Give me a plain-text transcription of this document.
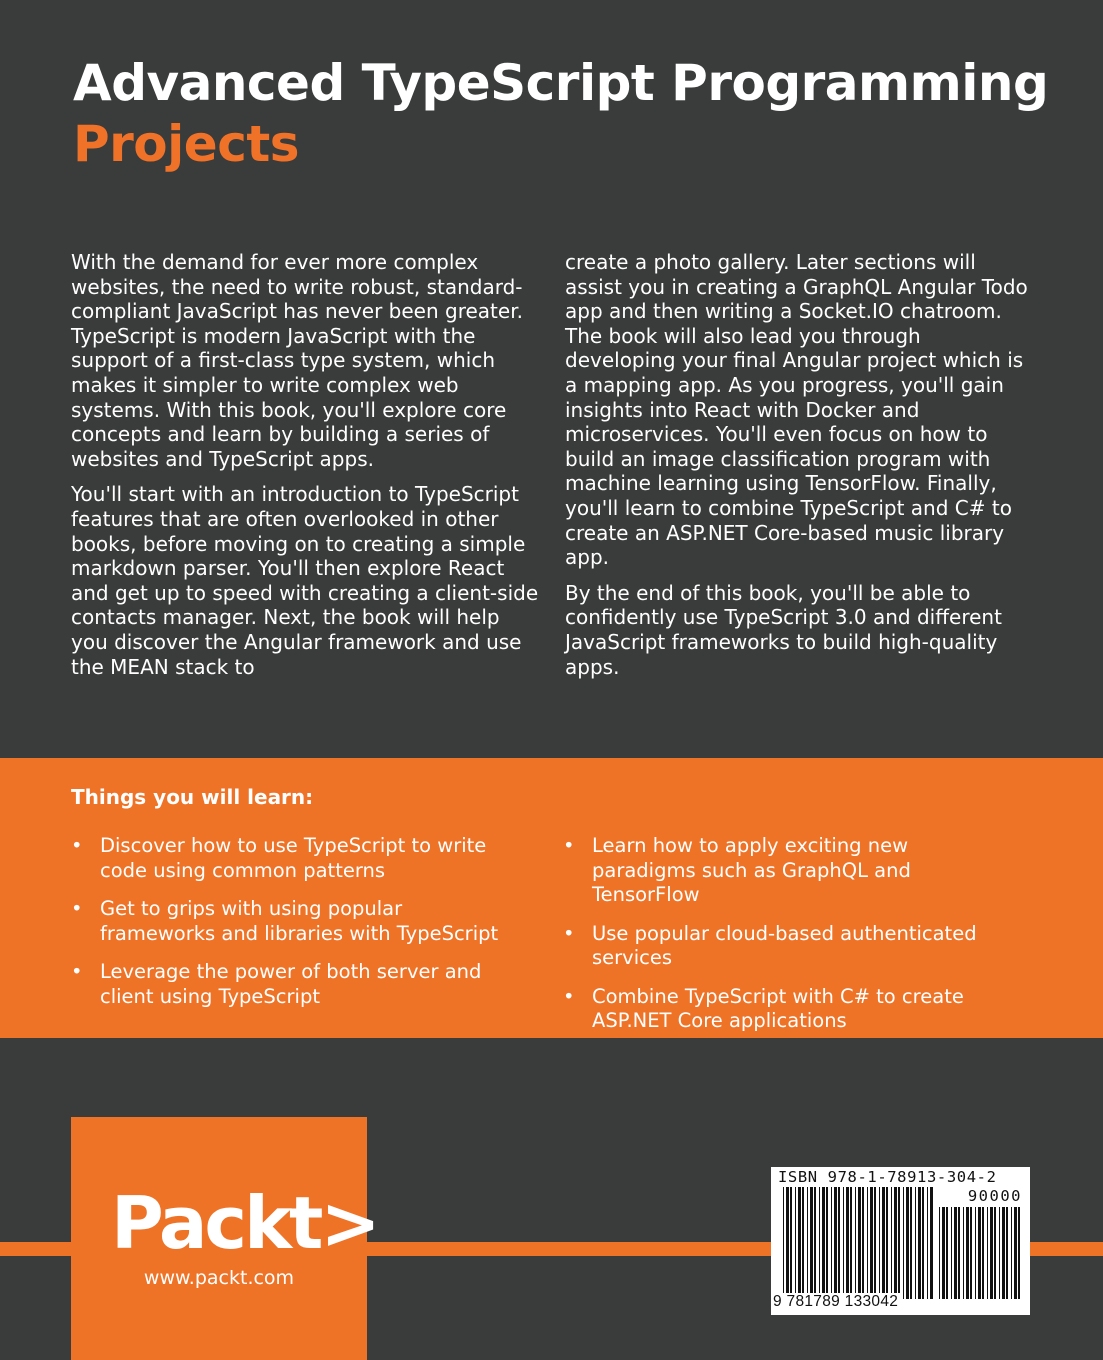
Advanced TypeScript Programming
Projects

With the demand for ever more complex websites, the need to write robust, standard-compliant JavaScript has never been greater. TypeScript is modern JavaScript with the support of a first-class type system, which makes it simpler to write complex web systems. With this book, you'll explore core concepts and learn by building a series of websites and TypeScript apps.

You'll start with an introduction to TypeScript features that are often overlooked in other books, before moving on to creating a simple markdown parser. You'll then explore React and get up to speed with creating a client-side contacts manager. Next, the book will help you discover the Angular framework and use the MEAN stack to

create a photo gallery. Later sections will assist you in creating a GraphQL Angular Todo app and then writing a Socket.IO chatroom. The book will also lead you through developing your final Angular project which is a mapping app. As you progress, you'll gain insights into React with Docker and microservices. You'll even focus on how to build an image classification program with machine learning using TensorFlow. Finally, you'll learn to combine TypeScript and C# to create an ASP.NET Core-based music library app.

By the end of this book, you'll be able to confidently use TypeScript 3.0 and different JavaScript frameworks to build high-quality apps.

Things you will learn:
• Discover how to use TypeScript to write code using common patterns
• Get to grips with using popular frameworks and libraries with TypeScript
• Leverage the power of both server and client using TypeScript
• Learn how to apply exciting new paradigms such as GraphQL and TensorFlow
• Use popular cloud-based authenticated services
• Combine TypeScript with C# to create ASP.NET Core applications
Packt>
www.packt.com
ISBN 978-1-78913-304-2
90000
9 781789 133042
